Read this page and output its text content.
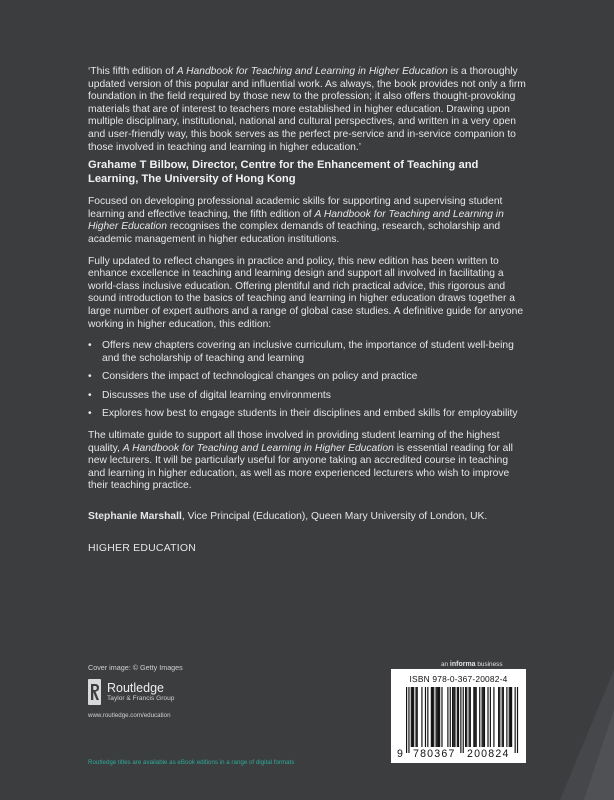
‘This fifth edition of A Handbook for Teaching and Learning in Higher Education is a thoroughly updated version of this popular and influential work. As always, the book provides not only a firm foundation in the field required by those new to the profession; it also offers thought-provoking materials that are of interest to teachers more established in higher education. Drawing upon multiple disciplinary, institutional, national and cultural perspectives, and written in a very open and user-friendly way, this book serves as the perfect pre-service and in-service companion to those involved in teaching and learning in higher education.’

Grahame T Bilbow, Director, Centre for the Enhancement of Teaching and Learning, The University of Hong Kong

Focused on developing professional academic skills for supporting and supervising student learning and effective teaching, the fifth edition of A Handbook for Teaching and Learning in Higher Education recognises the complex demands of teaching, research, scholarship and academic management in higher education institutions.

Fully updated to reflect changes in practice and policy, this new edition has been written to enhance excellence in teaching and learning design and support all involved in facilitating a world-class inclusive education. Offering plentiful and rich practical advice, this rigorous and sound introduction to the basics of teaching and learning in higher education draws together a large number of expert authors and a range of global case studies. A definitive guide for anyone working in higher education, this edition:

• Offers new chapters covering an inclusive curriculum, the importance of student well-being and the scholarship of teaching and learning
• Considers the impact of technological changes on policy and practice
• Discusses the use of digital learning environments
• Explores how best to engage students in their disciplines and embed skills for employability

The ultimate guide to support all those involved in providing student learning of the highest quality, A Handbook for Teaching and Learning in Higher Education is essential reading for all new lecturers. It will be particularly useful for anyone taking an accredited course in teaching and learning in higher education, as well as more experienced lecturers who wish to improve their teaching practice.

Stephanie Marshall, Vice Principal (Education), Queen Mary University of London, UK.

HIGHER EDUCATION

Cover image: © Getty Images
Routledge
Taylor & Francis Group
www.routledge.com/education
Routledge titles are available as eBook editions in a range of digital formats
an informa business
ISBN 978-0-367-20082-4
9 780367 200824
